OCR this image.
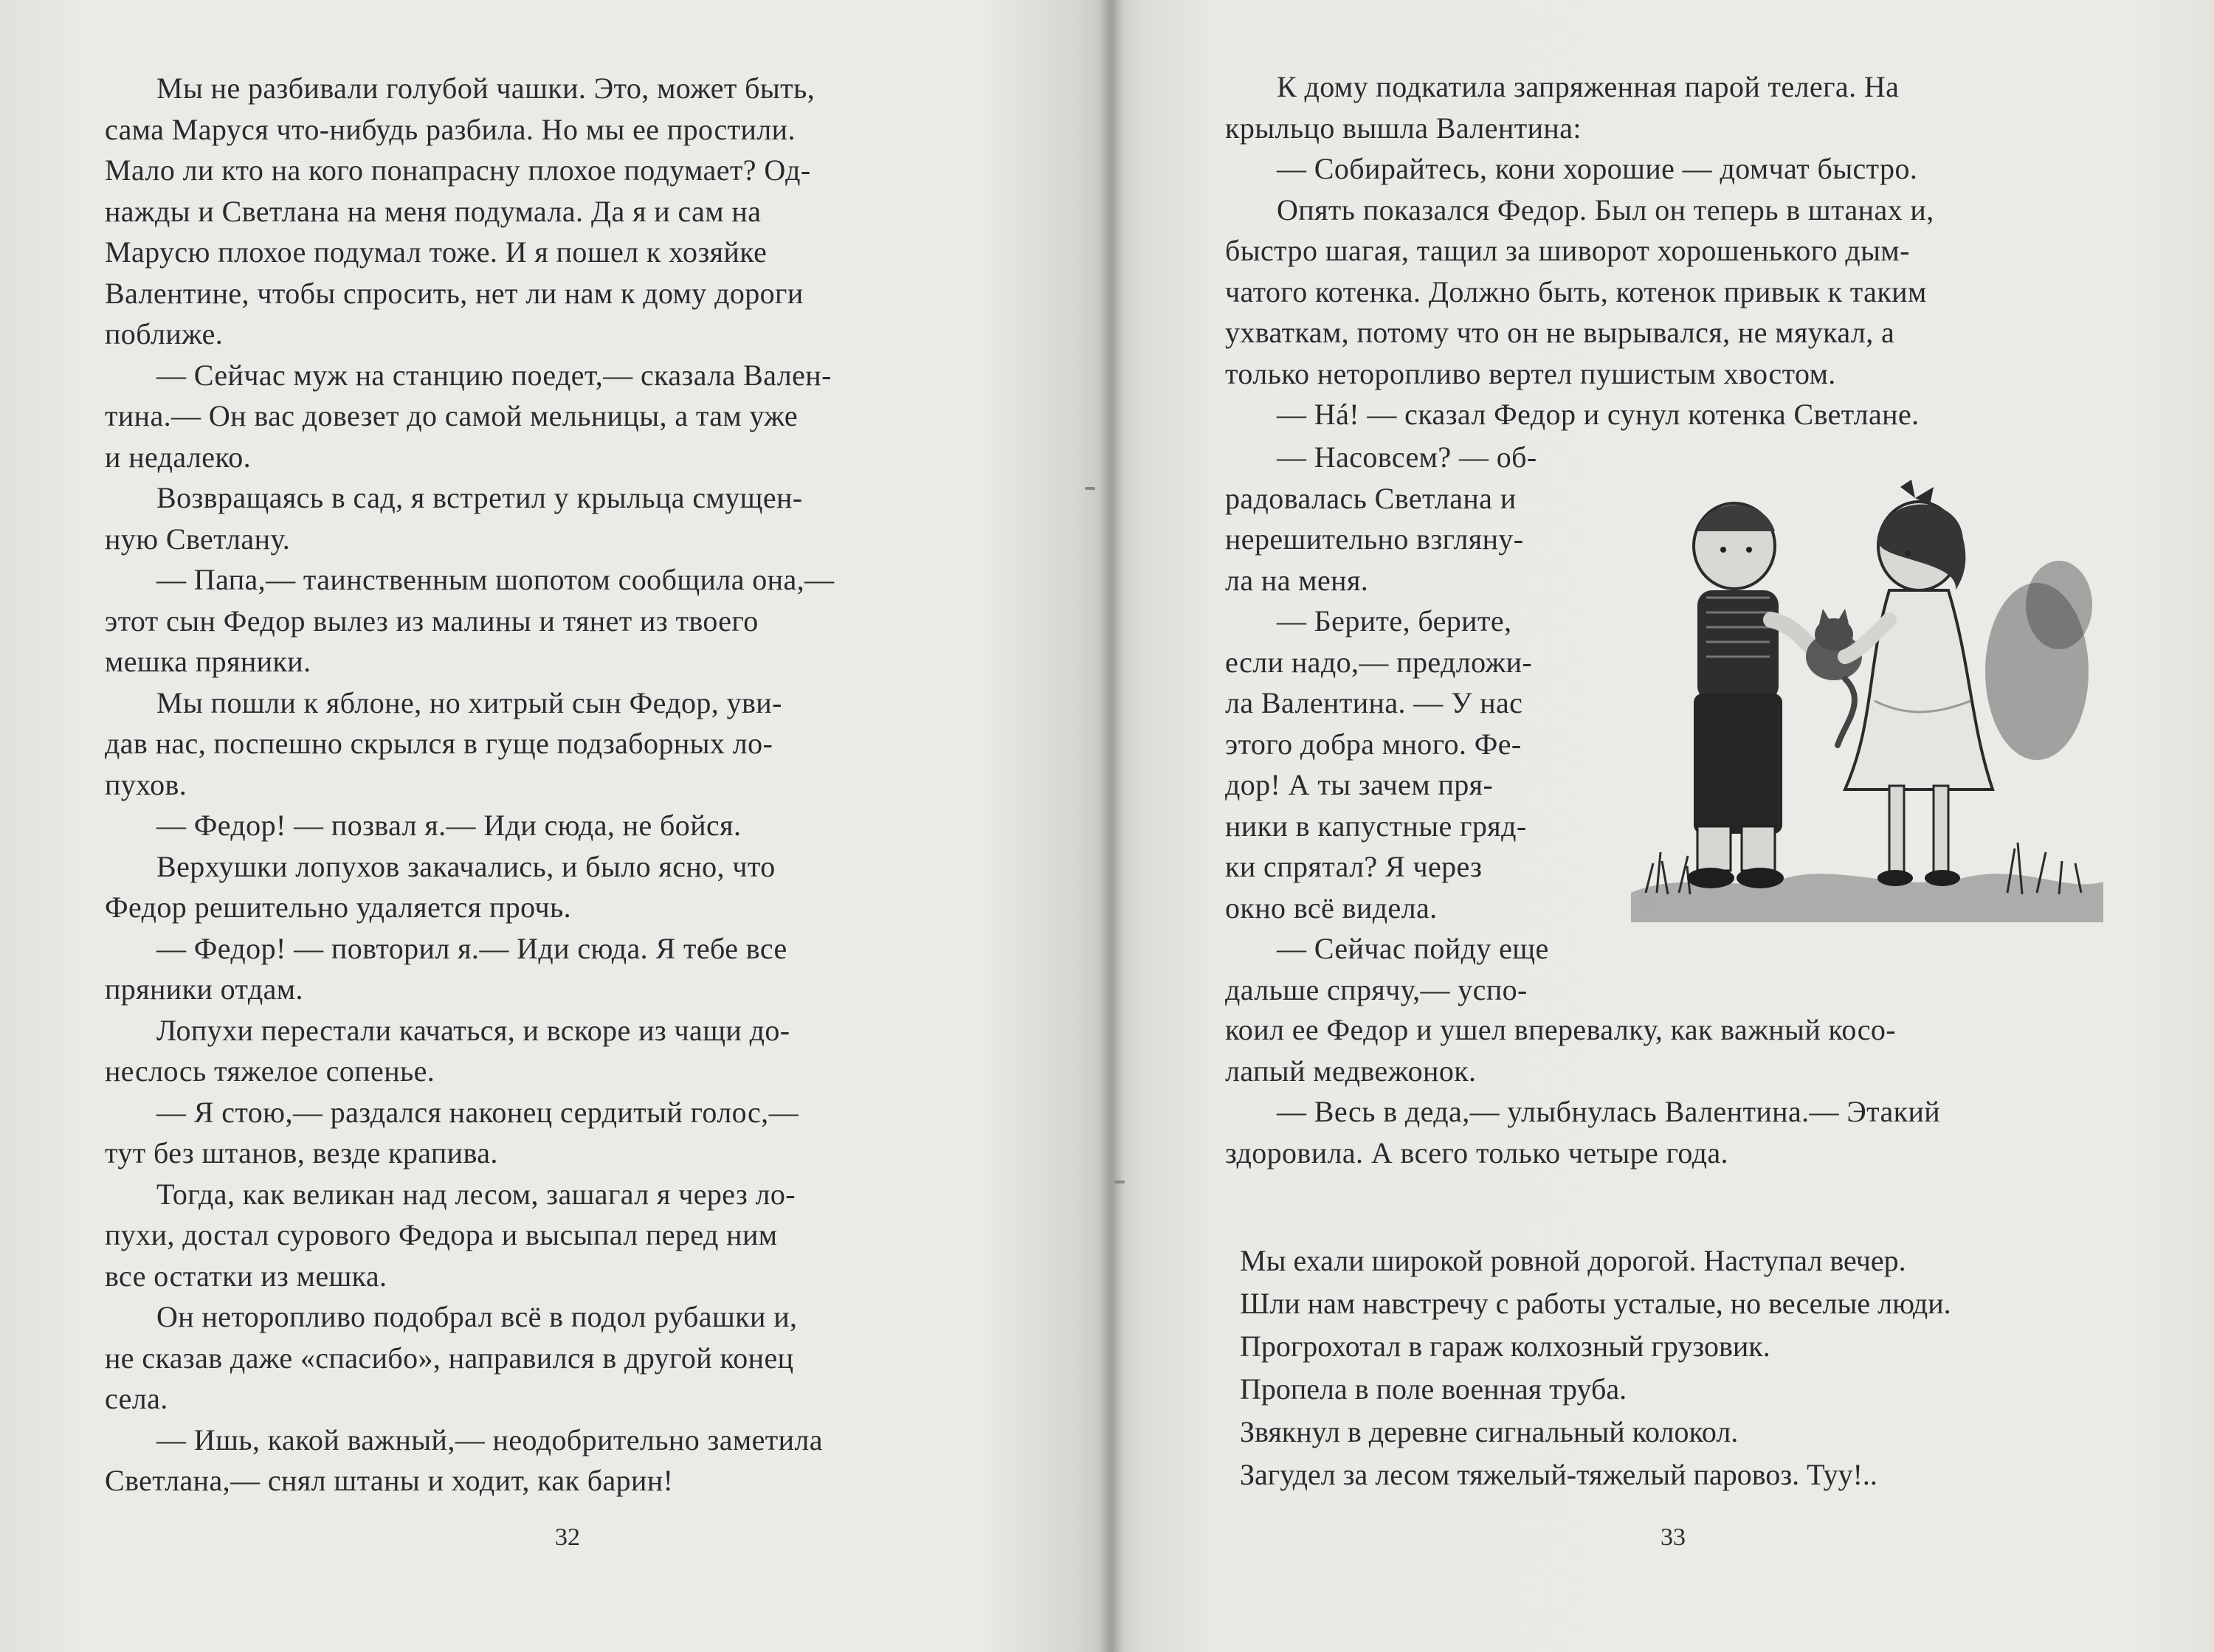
Мы не разбивали голубой чашки. Это, может быть,
сама Маруся что-нибудь разбила. Но мы ее простили.
Мало ли кто на кого понапрасну плохое подумает? Од-
нажды и Светлана на меня подумала. Да я и сам на
Марусю плохое подумал тоже. И я пошел к хозяйке
Валентине, чтобы спросить, нет ли нам к дому дороги
поближе.
— Сейчас муж на станцию поедет,— сказала Вален-
тина.— Он вас довезет до самой мельницы, а там уже
и недалеко.
Возвращаясь в сад, я встретил у крыльца смущен-
ную Светлану.
— Папа,— таинственным шопотом сообщила она,—
этот сын Федор вылез из малины и тянет из твоего
мешка пряники.
Мы пошли к яблоне, но хитрый сын Федор, уви-
дав нас, поспешно скрылся в гуще подзаборных ло-
пухов.
— Федор! — позвал я.— Иди сюда, не бойся.
Верхушки лопухов закачались, и было ясно, что
Федор решительно удаляется прочь.
— Федор! — повторил я.— Иди сюда. Я тебе все
пряники отдам.
Лопухи перестали качаться, и вскоре из чащи до-
неслось тяжелое сопенье.
— Я стою,— раздался наконец сердитый голос,—
тут без штанов, везде крапива.
Тогда, как великан над лесом, зашагал я через ло-
пухи, достал сурового Федора и высыпал перед ним
все остатки из мешка.
Он неторопливо подобрал всё в подол рубашки и,
не сказав даже «спасибо», направился в другой конец
села.
— Ишь, какой важный,— неодобрительно заметила
Светлана,— снял штаны и ходит, как барин!
32
К дому подкатила запряженная парой телега. На
крыльцо вышла Валентина:
— Собирайтесь, кони хорошие — домчат быстро.
Опять показался Федор. Был он теперь в штанах и,
быстро шагая, тащил за шиворот хорошенького дым-
чатого котенка. Должно быть, котенок привык к таким
ухваткам, потому что он не вырывался, не мяукал, а
только неторопливо вертел пушистым хвостом.
— Нá! — сказал Федор и сунул котенка Светлане.
— Насовсем? — об-
радовалась Светлана и
нерешительно взгляну-
ла на меня.
— Берите, берите,
если надо,— предложи-
ла Валентина. — У нас
этого добра много. Фе-
дор! А ты зачем пря-
ники в капустные гряд-
ки спрятал? Я через
окно всё видела.
— Сейчас пойду еще
дальше спрячу,— успо-
коил ее Федор и ушел вперевалку, как важный косо-
лапый медвежонок.
— Весь в деда,— улыбнулась Валентина.— Этакий
здоровила. А всего только четыре года.
Мы ехали широкой ровной дорогой. Наступал вечер.
Шли нам навстречу с работы усталые, но веселые люди.
Прогрохотал в гараж колхозный грузовик.
Пропела в поле военная труба.
Звякнул в деревне сигнальный колокол.
Загудел за лесом тяжелый-тяжелый паровоз. Туу!..
33
